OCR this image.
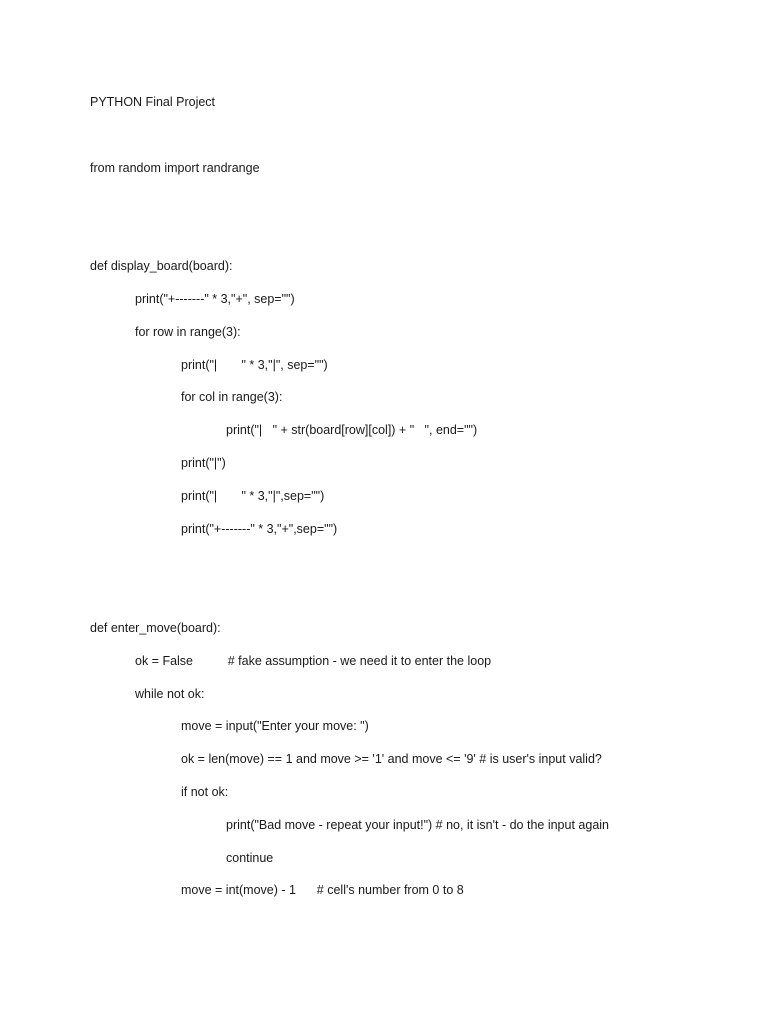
PYTHON Final Project
from random import randrange
def display_board(board):
print("+-------" * 3,"+", sep="")
for row in range(3):
print("|       " * 3,"|", sep="")
for col in range(3):
print("|   " + str(board[row][col]) + "   ", end="")
print("|")
print("|       " * 3,"|",sep="")
print("+-------" * 3,"+",sep="")
def enter_move(board):
ok = False          # fake assumption - we need it to enter the loop
while not ok:
move = input("Enter your move: ")
ok = len(move) == 1 and move >= '1' and move <= '9' # is user's input valid?
if not ok:
print("Bad move - repeat your input!") # no, it isn't - do the input again
continue
move = int(move) - 1      # cell's number from 0 to 8
